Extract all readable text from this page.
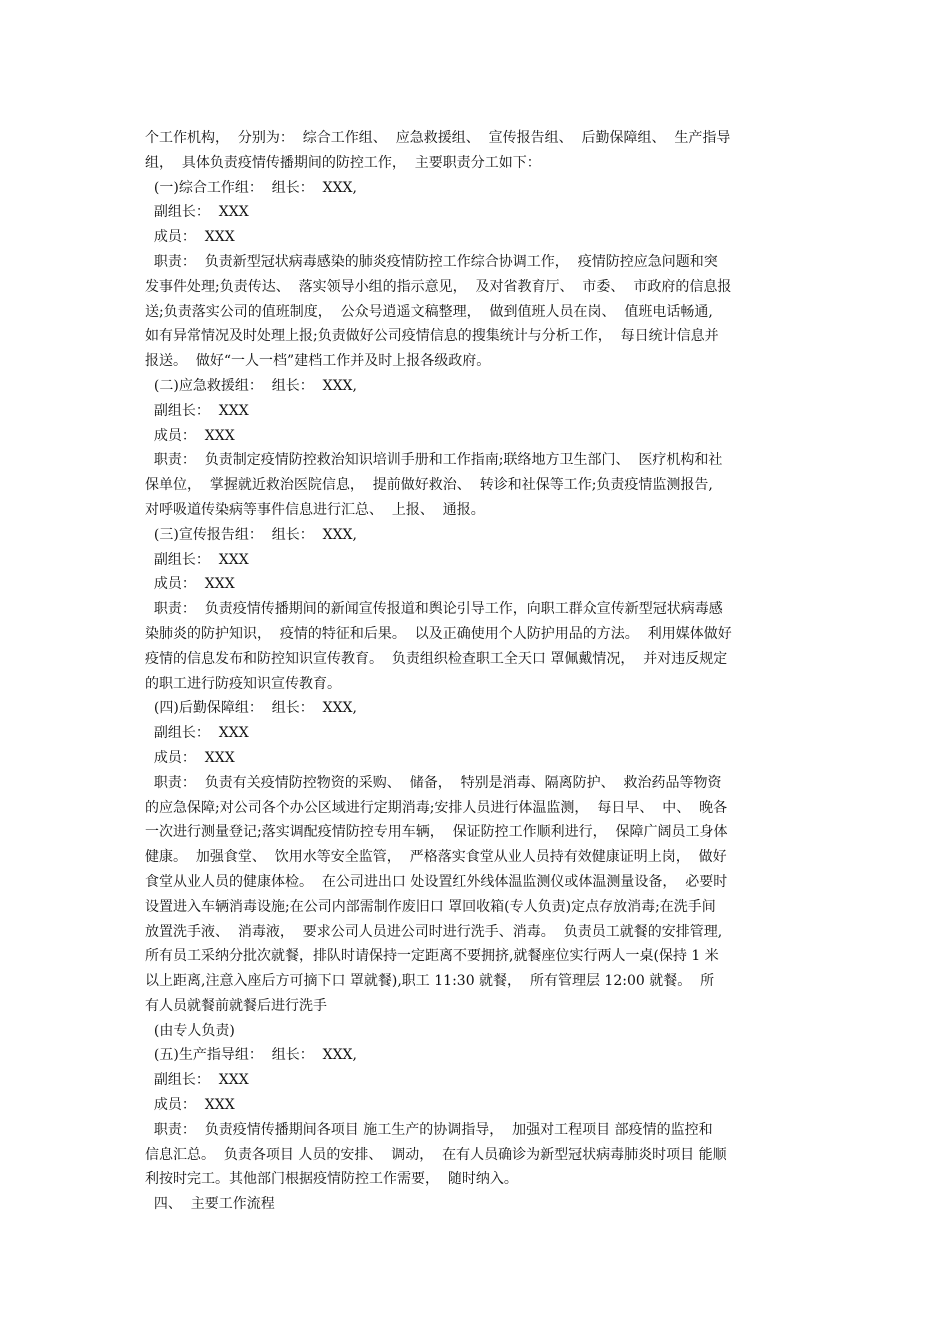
个工作机构，  分别为：  综合工作组、  应急救援组、  宣传报告组、  后勤保障组、  生产指导
组，  具体负责疫情传播期间的防控工作，  主要职责分工如下：
(一)综合工作组：  组长：  XXX,
副组长：  XXX
成员：  XXX
职责：  负责新型冠状病毒感染的肺炎疫情防控工作综合协调工作，  疫情防控应急问题和突
发事件处理;负责传达、  落实领导小组的指示意见，  及对省教育厅、  市委、  市政府的信息报
送;负责落实公司的值班制度，  公众号逍遥文稿整理，  做到值班人员在岗、  值班电话畅通,
如有异常情况及时处理上报;负责做好公司疫情信息的搜集统计与分析工作，  每日统计信息并
报送。  做好“一人一档”建档工作并及时上报各级政府。
(二)应急救援组：  组长：  XXX,
副组长：  XXX
成员：  XXX
职责：  负责制定疫情防控救治知识培训手册和工作指南;联络地方卫生部门、  医疗机构和社
保单位，  掌握就近救治医院信息，  提前做好救治、  转诊和社保等工作;负责疫情监测报告,
对呼吸道传染病等事件信息进行汇总、  上报、  通报。
(三)宣传报告组：  组长：  XXX,
副组长：  XXX
成员：  XXX
职责：  负责疫情传播期间的新闻宣传报道和舆论引导工作，向职工群众宣传新型冠状病毒感
染肺炎的防护知识，  疫情的特征和后果。  以及正确使用个人防护用品的方法。  利用媒体做好
疫情的信息发布和防控知识宣传教育。  负责组织检查职工全天口 罩佩戴情况，  并对违反规定
的职工进行防疫知识宣传教育。
(四)后勤保障组：  组长：  XXX,
副组长：  XXX
成员：  XXX
职责：  负责有关疫情防控物资的采购、  储备，  特别是消毒、隔离防护、  救治药品等物资
的应急保障;对公司各个办公区域进行定期消毒;安排人员进行体温监测，  每日早、  中、  晚各
一次进行测量登记;落实调配疫情防控专用车辆，  保证防控工作顺利进行，  保障广阔员工身体
健康。  加强食堂、  饮用水等安全监管，  严格落实食堂从业人员持有效健康证明上岗，  做好
食堂从业人员的健康体检。  在公司进出口 处设置红外线体温监测仪或体温测量设备，  必要时
设置进入车辆消毒设施;在公司内部需制作废旧口 罩回收箱(专人负责)定点存放消毒;在洗手间
放置洗手液、  消毒液，  要求公司人员进公司时进行洗手、消毒。  负责员工就餐的安排管理,
所有员工采纳分批次就餐，排队时请保持一定距离不要拥挤,就餐座位实行两人一桌(保持 1 米
以上距离,注意入座后方可摘下口 罩就餐),职工 11:30 就餐，  所有管理层 12:00 就餐。  所
有人员就餐前就餐后进行洗手
(由专人负责)
(五)生产指导组：  组长：  XXX,
副组长：  XXX
成员：  XXX
职责：  负责疫情传播期间各项目 施工生产的协调指导，  加强对工程项目 部疫情的监控和
信息汇总。  负责各项目 人员的安排、  调动，  在有人员确诊为新型冠状病毒肺炎时项目 能顺
利按时完工。其他部门根据疫情防控工作需要，  随时纳入。
四、  主要工作流程
